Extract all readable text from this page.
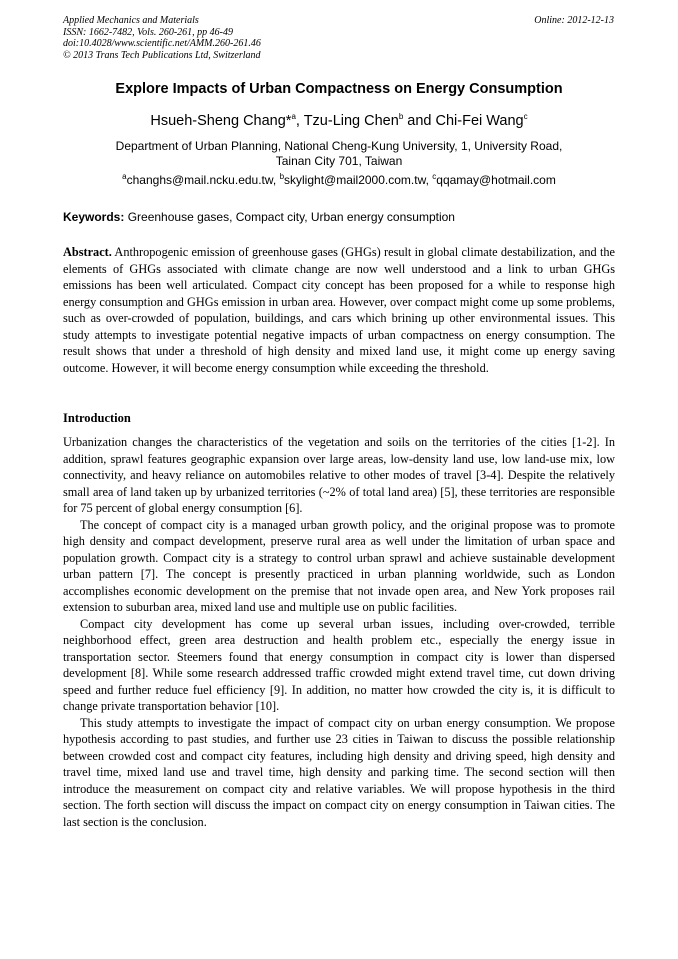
Applied Mechanics and Materials
ISSN: 1662-7482, Vols. 260-261, pp 46-49
doi:10.4028/www.scientific.net/AMM.260-261.46
© 2013 Trans Tech Publications Ltd, Switzerland
Online: 2012-12-13
Explore Impacts of Urban Compactness on Energy Consumption
Hsueh-Sheng Chang*$^a$, Tzu-Ling Chen$^b$ and Chi-Fei Wang$^c$
Department of Urban Planning, National Cheng-Kung University, 1, University Road,
Tainan City 701, Taiwan
$^a$changhs@mail.ncku.edu.tw, $^b$skylight@mail2000.com.tw, $^c$qqamay@hotmail.com
Keywords: Greenhouse gases, Compact city, Urban energy consumption
Abstract. Anthropogenic emission of greenhouse gases (GHGs) result in global climate destabilization, and the elements of GHGs associated with climate change are now well understood and a link to urban GHGs emissions has been well articulated. Compact city concept has been proposed for a while to response high energy consumption and GHGs emission in urban area. However, over compact might come up some problems, such as over-crowded of population, buildings, and cars which brining up other environmental issues. This study attempts to investigate potential negative impacts of urban compactness on energy consumption. The result shows that under a threshold of high density and mixed land use, it might come up energy saving outcome. However, it will become energy consumption while exceeding the threshold.
Introduction

Urbanization changes the characteristics of the vegetation and soils on the territories of the cities [1-2]. In addition, sprawl features geographic expansion over large areas, low-density land use, low land-use mix, low connectivity, and heavy reliance on automobiles relative to other modes of travel [3-4]. Despite the relatively small area of land taken up by urbanized territories (~2% of total land area) [5], these territories are responsible for 75 percent of global energy consumption [6].

The concept of compact city is a managed urban growth policy, and the original propose was to promote high density and compact development, preserve rural area as well under the limitation of urban space and population growth. Compact city is a strategy to control urban sprawl and achieve sustainable development urban pattern [7]. The concept is presently practiced in urban planning worldwide, such as London accomplishes economic development on the premise that not invade open area, and New York proposes rail extension to suburban area, mixed land use and multiple use on public facilities.

Compact city development has come up several urban issues, including over-crowded, terrible neighborhood effect, green area destruction and health problem etc., especially the energy issue in transportation sector. Steemers found that energy consumption in compact city is lower than dispersed development [8]. While some research addressed traffic crowded might extend travel time, cut down driving speed and further reduce fuel efficiency [9]. In addition, no matter how crowded the city is, it is difficult to change private transportation behavior [10].

This study attempts to investigate the impact of compact city on urban energy consumption. We propose hypothesis according to past studies, and further use 23 cities in Taiwan to discuss the possible relationship between crowded cost and compact city features, including high density and driving speed, high density and travel time, mixed land use and travel time, high density and parking time. The second section will then introduce the measurement on compact city and relative variables. We will propose hypothesis in the third section. The forth section will discuss the impact on compact city on energy consumption in Taiwan cities. The last section is the conclusion.
